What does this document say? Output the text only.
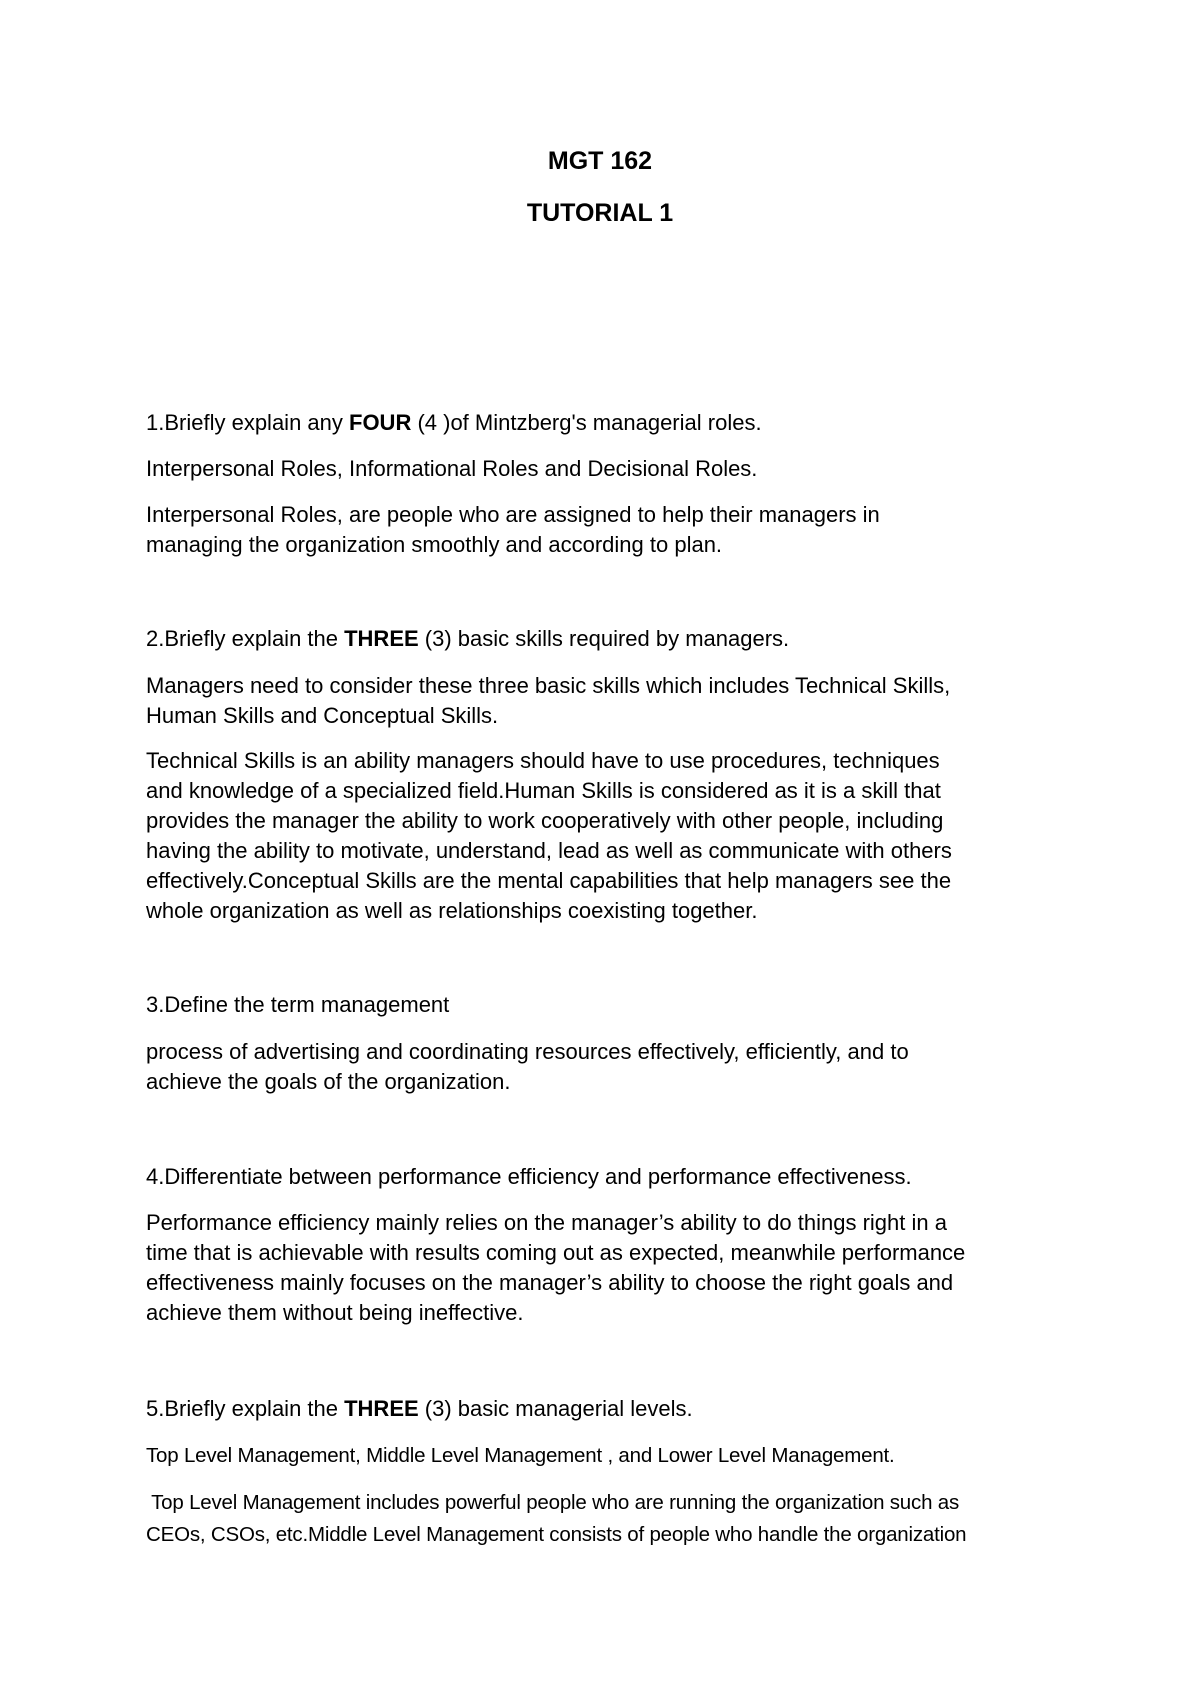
MGT 162
TUTORIAL 1
1.Briefly explain any FOUR (4 )of Mintzberg's managerial roles.
Interpersonal Roles, Informational Roles and Decisional Roles.
Interpersonal Roles, are people who are assigned to help their managers in
managing the organization smoothly and according to plan.
2.Briefly explain the THREE (3) basic skills required by managers.
Managers need to consider these three basic skills which includes Technical Skills,
Human Skills and Conceptual Skills.
Technical Skills is an ability managers should have to use procedures, techniques
and knowledge of a specialized field.Human Skills is considered as it is a skill that
provides the manager the ability to work cooperatively with other people, including
having the ability to motivate, understand, lead as well as communicate with others
effectively.Conceptual Skills are the mental capabilities that help managers see the
whole organization as well as relationships coexisting together.
3.Define the term management
process of advertising and coordinating resources effectively, efficiently, and to
achieve the goals of the organization.
4.Differentiate between performance efficiency and performance effectiveness.
Performance efficiency mainly relies on the manager’s ability to do things right in a
time that is achievable with results coming out as expected, meanwhile performance
effectiveness mainly focuses on the manager’s ability to choose the right goals and
achieve them without being ineffective.
5.Briefly explain the THREE (3) basic managerial levels.
Top Level Management, Middle Level Management , and Lower Level Management.
Top Level Management includes powerful people who are running the organization such as
CEOs, CSOs, etc.Middle Level Management consists of people who handle the organization
